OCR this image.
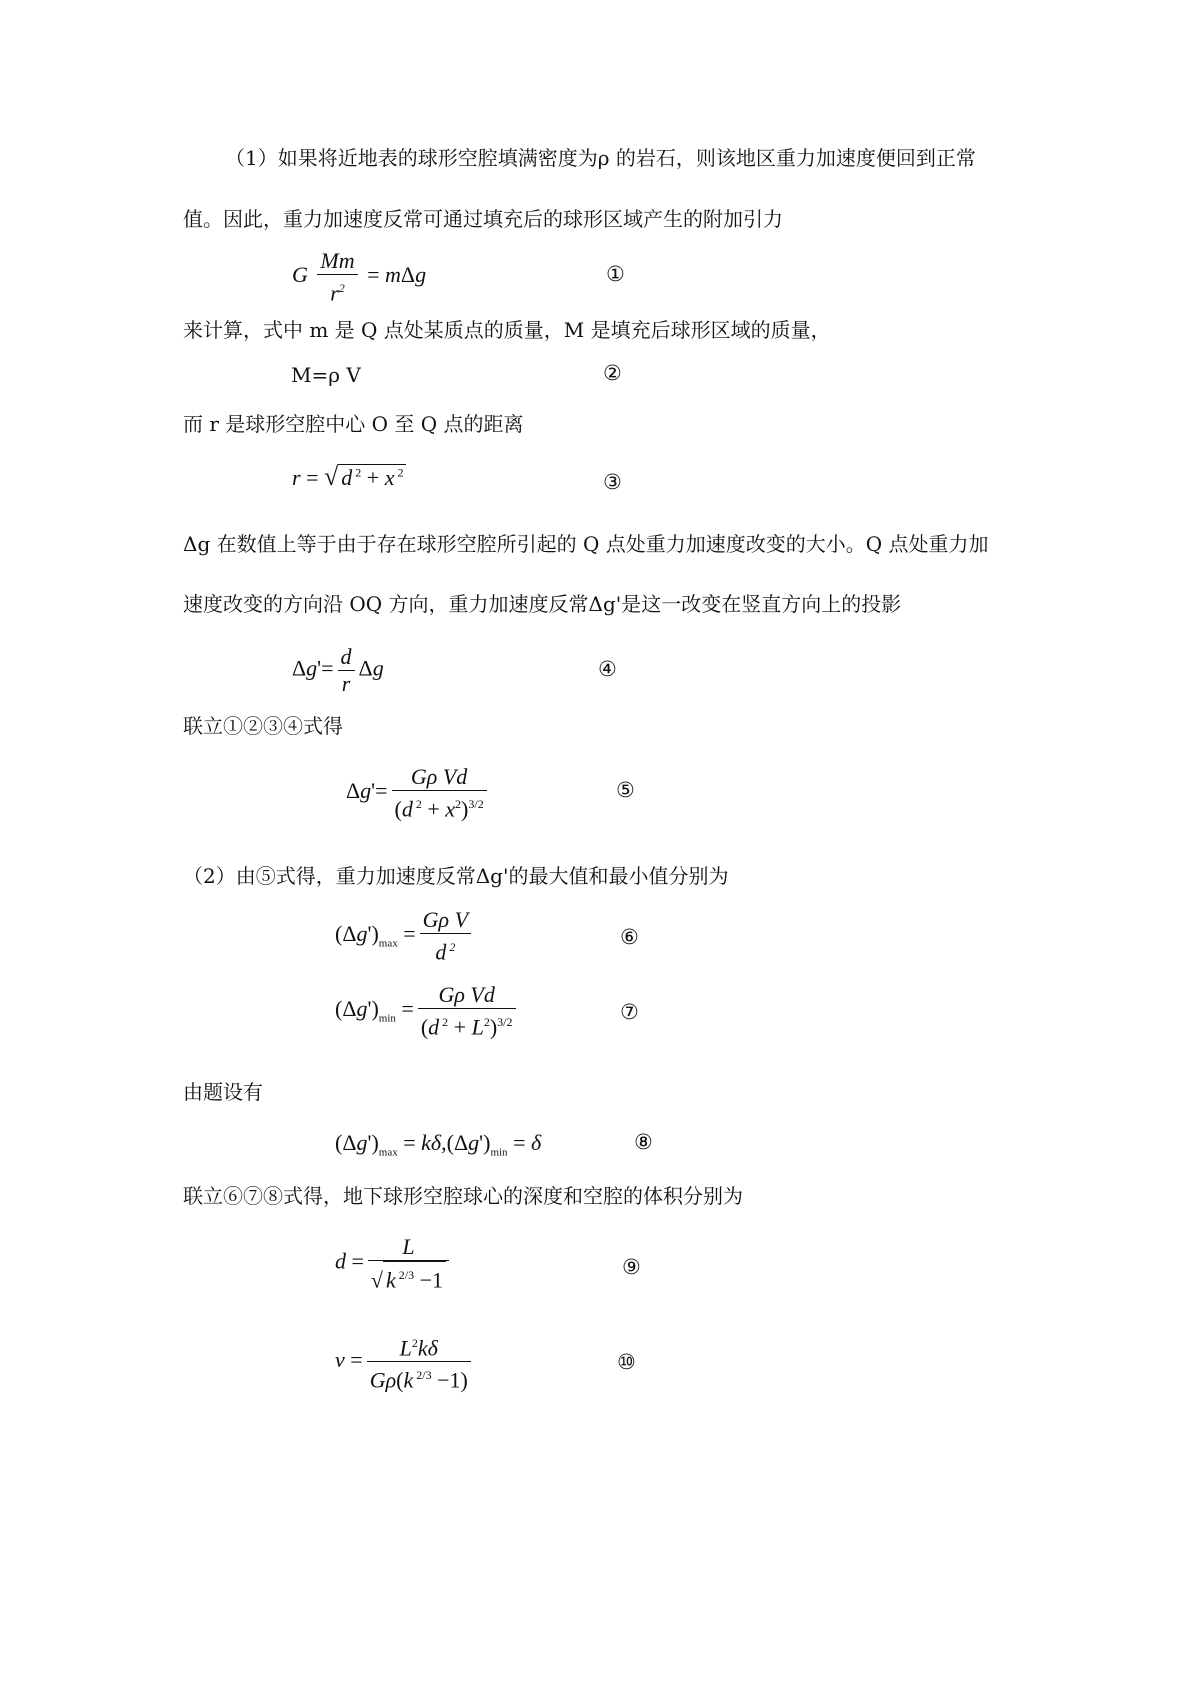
（1）如果将近地表的球形空腔填满密度为ρ 的岩石，则该地区重力加速度便回到正常
值。因此，重力加速度反常可通过填充后的球形区域产生的附加引力
G $\frac{Mm}{r^2} = m\Delta g$	①
来计算，式中 m 是 Q 点处某质点的质量，M 是填充后球形区域的质量，
M=ρ V	②
而 r 是球形空腔中心 O 至 Q 点的距离
r = √ d $^2$ + x $^2$	③
Δg 在数值上等于由于存在球形空腔所引起的 Q 点处重力加速度改变的大小。Q 点处重力加
速度改变的方向沿 OQ 方向，重力加速度反常Δg'是这一改变在竖直方向上的投影
$\Delta g'= \frac{d}{r}$ Δg	④
联立①②③④式得
$\Delta g'= \frac{\text{Gρ Vd}}{(d ^2 + x^2)^{3/2}}$	⑤
（2）由⑤式得，重力加速度反常Δg'的最大值和最小值分别为
$(\Delta g')_{max} = \frac{\text{Gρ V}}{d ^2}$	⑥
$(\Delta g')_{min} = \frac{\text{Gρ Vd}}{(d ^2 + L^2)^{3/2}}$	⑦
由题设有
$(\Delta g')_{max} = k\delta,(\Delta g')_{min} = \delta$	⑧
联立⑥⑦⑧式得，地下球形空腔球心的深度和空腔的体积分别为
$d = \frac{L}{√ k ^{2/3} -1}$	⑨
$v = \frac{L^2k\delta}{G\rho(k ^{2/3} -1)}$	⑩
